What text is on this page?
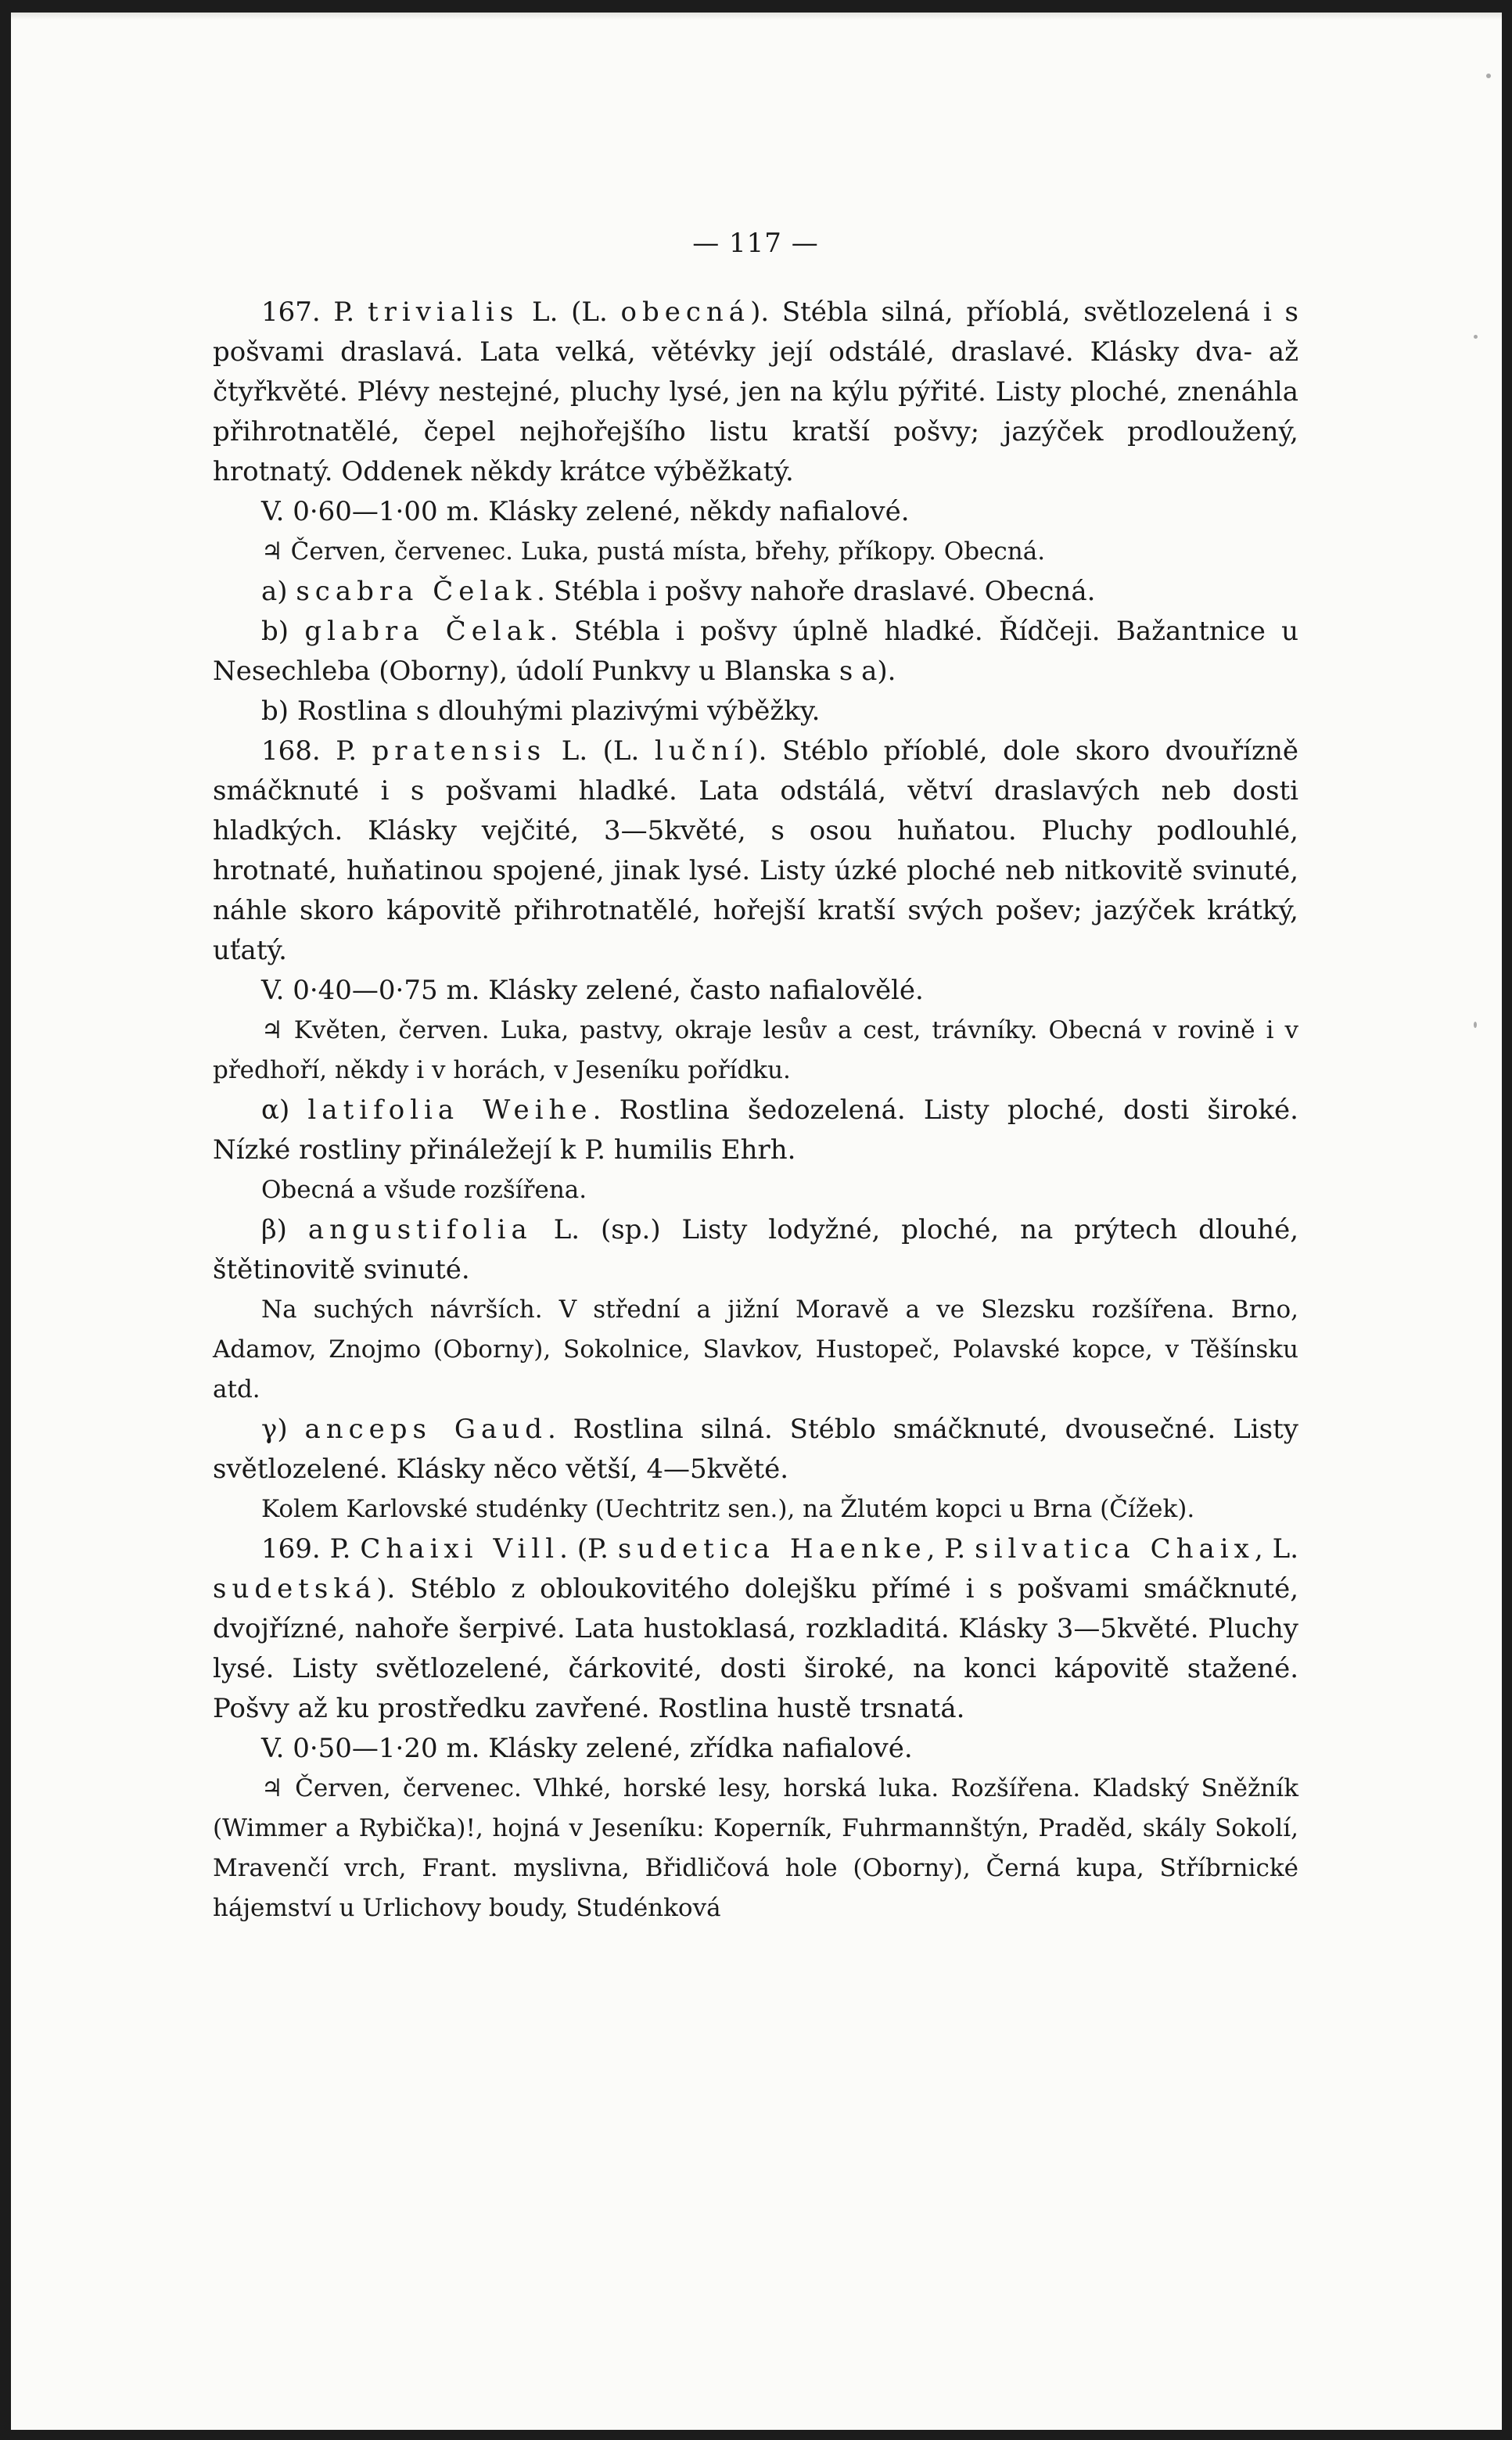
— 117 —

167. P. trivialis L. (L. obecná). Stébla silná, příoblá, světlozelená i s pošvami draslavá. Lata velká, větévky její odstálé, draslavé. Klásky dva- až čtyřkvěté. Plévy nestejné, pluchy lysé, jen na kýlu pýřité. Listy ploché, znenáhla přihrotnatělé, čepel nejhořejšího listu kratší pošvy; jazýček prodloužený, hrotnatý. Oddenek někdy krátce výběžkatý.

V. 0·60—1·00 m. Klásky zelené, někdy nafialové.

♃ Červen, červenec. Luka, pustá místa, břehy, příkopy. Obecná.

a) scabra Čelak. Stébla i pošvy nahoře draslavé. Obecná.

b) glabra Čelak. Stébla i pošvy úplně hladké. Řídčeji. Bažantnice u Nesechleba (Oborny), údolí Punkvy u Blanska s a).

b) Rostlina s dlouhými plazivými výběžky.

168. P. pratensis L. (L. luční). Stéblo příoblé, dole skoro dvouřízně smáčknuté i s pošvami hladké. Lata odstálá, větví draslavých neb dosti hladkých. Klásky vejčité, 3—5květé, s osou huňatou. Pluchy podlouhlé, hrotnaté, huňatinou spojené, jinak lysé. Listy úzké ploché neb nitkovitě svinuté, náhle skoro kápovitě přihrotnatělé, hořejší kratší svých pošev; jazýček krátký, uťatý.

V. 0·40—0·75 m. Klásky zelené, často nafialovělé.

♃ Květen, červen. Luka, pastvy, okraje lesův a cest, trávníky. Obecná v rovině i v předhoří, někdy i v horách, v Jeseníku pořídku.

α) latifolia Weihe. Rostlina šedozelená. Listy ploché, dosti široké. Nízké rostliny přináležejí k P. humilis Ehrh.

Obecná a všude rozšířena.

β) angustifolia L. (sp.) Listy lodyžné, ploché, na prýtech dlouhé, štětinovitě svinuté.

Na suchých návrších. V střední a jižní Moravě a ve Slezsku rozšířena. Brno, Adamov, Znojmo (Oborny), Sokolnice, Slavkov, Hustopeč, Polavské kopce, v Těšínsku atd.

γ) anceps Gaud. Rostlina silná. Stéblo smáčknuté, dvousečné. Listy světlozelené. Klásky něco větší, 4—5květé.

Kolem Karlovské studénky (Uechtritz sen.), na Žlutém kopci u Brna (Čížek).

169. P. Chaixi Vill. (P. sudetica Haenke, P. silvatica Chaix, L. sudetská). Stéblo z obloukovitého dolejšku přímé i s pošvami smáčknuté, dvojřízné, nahoře šerpivé. Lata hustoklasá, rozkladitá. Klásky 3—5květé. Pluchy lysé. Listy světlozelené, čárkovité, dosti široké, na konci kápovitě stažené. Pošvy až ku prostředku zavřené. Rostlina hustě trsnatá.

V. 0·50—1·20 m. Klásky zelené, zřídka nafialové.

♃ Červen, červenec. Vlhké, horské lesy, horská luka. Rozšířena. Kladský Sněžník (Wimmer a Rybička)!, hojná v Jeseníku: Koperník, Fuhrmannštýn, Praděd, skály Sokolí, Mravenčí vrch, Frant. myslivna, Břidličová hole (Oborny), Černá kupa, Stříbrnické hájemství u Urlichovy boudy, Studénková
